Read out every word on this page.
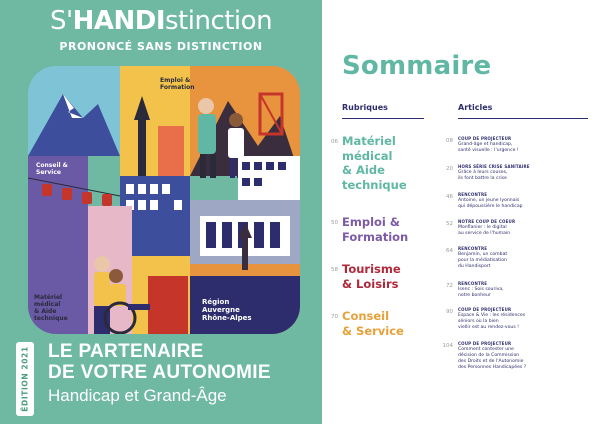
S'HANDIstinction
PRONONCÉ SANS DISTINCTION
Emploi &
Formation
Conseil &
Service
Tourisme
& Loisirs
Matériel
médical
& Aide
technique
Région
Auvergne
Rhône-Alpes
ÉDITION 2021 LE PARTENAIRE
DE VOTRE AUTONOMIE
Handicap et Grand-Âge
Sommaire
Rubriques	Articles
06 Matériel
médical
& Aide
technique
50 Emploi &
Formation
58 Tourisme
& Loisirs
70 Conseil
& Service
08 COUP DE PROJECTEUR
Grand-âge et handicap,
santé visuelle : l'urgence !
20 HORS SÉRIE CRISE SANITAIRE
Grâce à leurs couses,
ils font battre la crise
46 RENCONTRE
Antoine, un jeune lyonnais
qui dépoussière le handicap
52 NOTRE COUP DE COEUR
Monflanier : le digital
au service de l'humain
64 RENCONTRE
Benjamin, un combat
pour la médiatisation
du Handisport
72 RENCONTRE
Isenc : Sois souriva,
notre bonheur
90 COUP DE PROJECTEUR
Espace & Vie : les résidences
séniors où la bien
viellir est au rendez-vous !
104 COUP DE PROJECTEUR
Comment contester une
décision de la Commission
des Droits et de l'Autonomie
des Personnes Handicapées ?
